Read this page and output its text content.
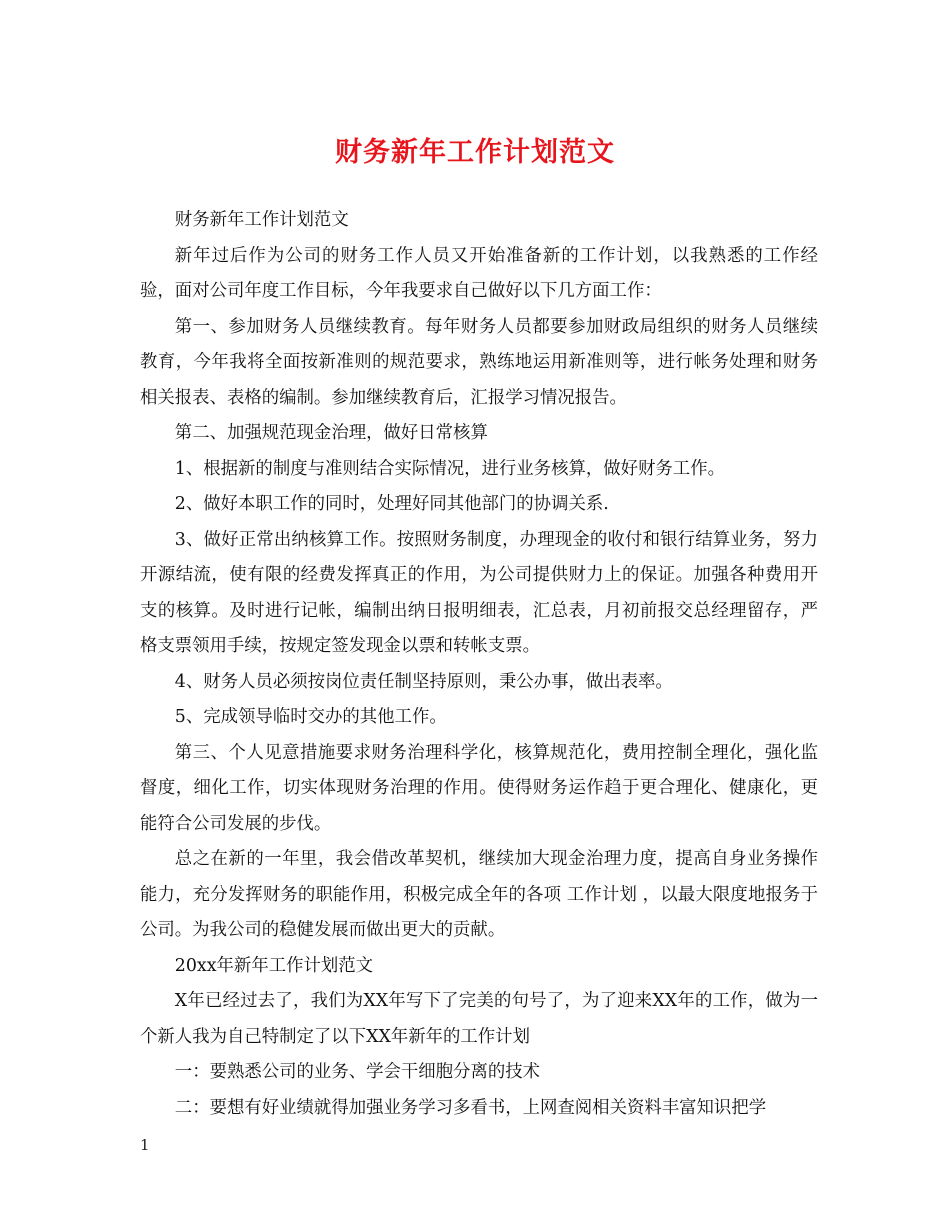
财务新年工作计划范文

财务新年工作计划范文

新年过后作为公司的财务工作人员又开始准备新的工作计划，以我熟悉的工作经验，面对公司年度工作目标，今年我要求自己做好以下几方面工作：

第一、参加财务人员继续教育。每年财务人员都要参加财政局组织的财务人员继续教育，今年我将全面按新准则的规范要求，熟练地运用新准则等，进行帐务处理和财务相关报表、表格的编制。参加继续教育后，汇报学习情况报告。

第二、加强规范现金治理，做好日常核算

1、根据新的制度与准则结合实际情况，进行业务核算，做好财务工作。

2、做好本职工作的同时，处理好同其他部门的协调关系.

3、做好正常出纳核算工作。按照财务制度，办理现金的收付和银行结算业务，努力开源结流，使有限的经费发挥真正的作用，为公司提供财力上的保证。加强各种费用开支的核算。及时进行记帐，编制出纳日报明细表，汇总表，月初前报交总经理留存，严格支票领用手续，按规定签发现金以票和转帐支票。

4、财务人员必须按岗位责任制坚持原则，秉公办事，做出表率。

5、完成领导临时交办的其他工作。

第三、个人见意措施要求财务治理科学化，核算规范化，费用控制全理化，强化监督度，细化工作，切实体现财务治理的作用。使得财务运作趋于更合理化、健康化，更能符合公司发展的步伐。

总之在新的一年里，我会借改革契机，继续加大现金治理力度，提高自身业务操作能力，充分发挥财务的职能作用，积极完成全年的各项 工作计划 ，以最大限度地报务于公司。为我公司的稳健发展而做出更大的贡献。

20xx年新年工作计划范文

X年已经过去了，我们为XX年写下了完美的句号了，为了迎来XX年的工作，做为一个新人我为自己特制定了以下XX年新年的工作计划

一：要熟悉公司的业务、学会干细胞分离的技术

二：要想有好业绩就得加强业务学习多看书，上网查阅相关资料丰富知识把学

1
